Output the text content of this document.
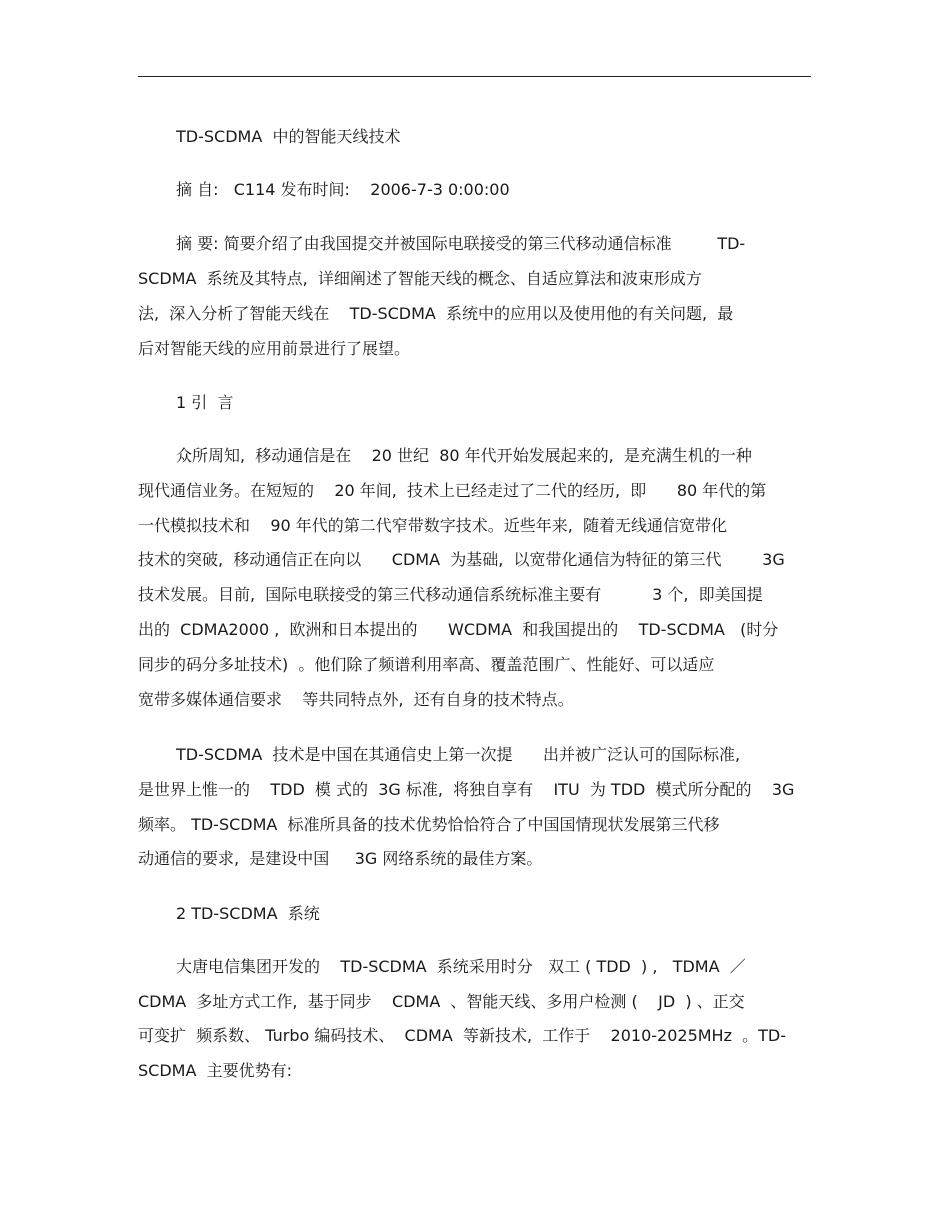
TD-SCDMA  中的智能天线技术
摘 自:   C114 发布时间:    2006-7-3 0:00:00
摘 要: 简要介绍了由我国提交并被国际电联接受的第三代移动通信标准         TD-
SCDMA  系统及其特点,  详细阐述了智能天线的概念、自适应算法和波束形成方
法,  深入分析了智能天线在    TD-SCDMA  系统中的应用以及使用他的有关问题,  最
后对智能天线的应用前景进行了展望。
1 引  言
众所周知,  移动通信是在    20 世纪  80 年代开始发展起来的,  是充满生机的一种
现代通信业务。在短短的    20 年间,  技术上已经走过了二代的经历,  即      80 年代的第
一代模拟技术和    90 年代的第二代窄带数字技术。近些年来,  随着无线通信宽带化
技术的突破,  移动通信正在向以      CDMA  为基础,  以宽带化通信为特征的第三代        3G
技术发展。目前,  国际电联接受的第三代移动通信系统标准主要有          3 个,  即美国提
出的  CDMA2000 ,  欧洲和日本提出的      WCDMA  和我国提出的    TD-SCDMA   (时分
同步的码分多址技术)  。他们除了频谱利用率高、覆盖范围广、性能好、可以适应
宽带多媒体通信要求    等共同特点外,  还有自身的技术特点。
TD-SCDMA  技术是中国在其通信史上第一次提      出并被广泛认可的国际标准,
是世界上惟一的    TDD  模 式的  3G 标准,  将独自享有    ITU  为 TDD  模式所分配的    3G
频率。 TD-SCDMA  标准所具备的技术优势恰恰符合了中国国情现状发展第三代移
动通信的要求,  是建设中国     3G 网络系统的最佳方案。
2 TD-SCDMA  系统
大唐电信集团开发的    TD-SCDMA  系统采用时分   双工 ( TDD  ) ,   TDMA  ／
CDMA  多址方式工作,  基于同步    CDMA  、智能天线、多用户检测 (    JD  ) 、正交
可变扩  频系数、 Turbo 编码技术、  CDMA  等新技术,  工作于    2010-2025MHz  。TD-
SCDMA  主要优势有:
